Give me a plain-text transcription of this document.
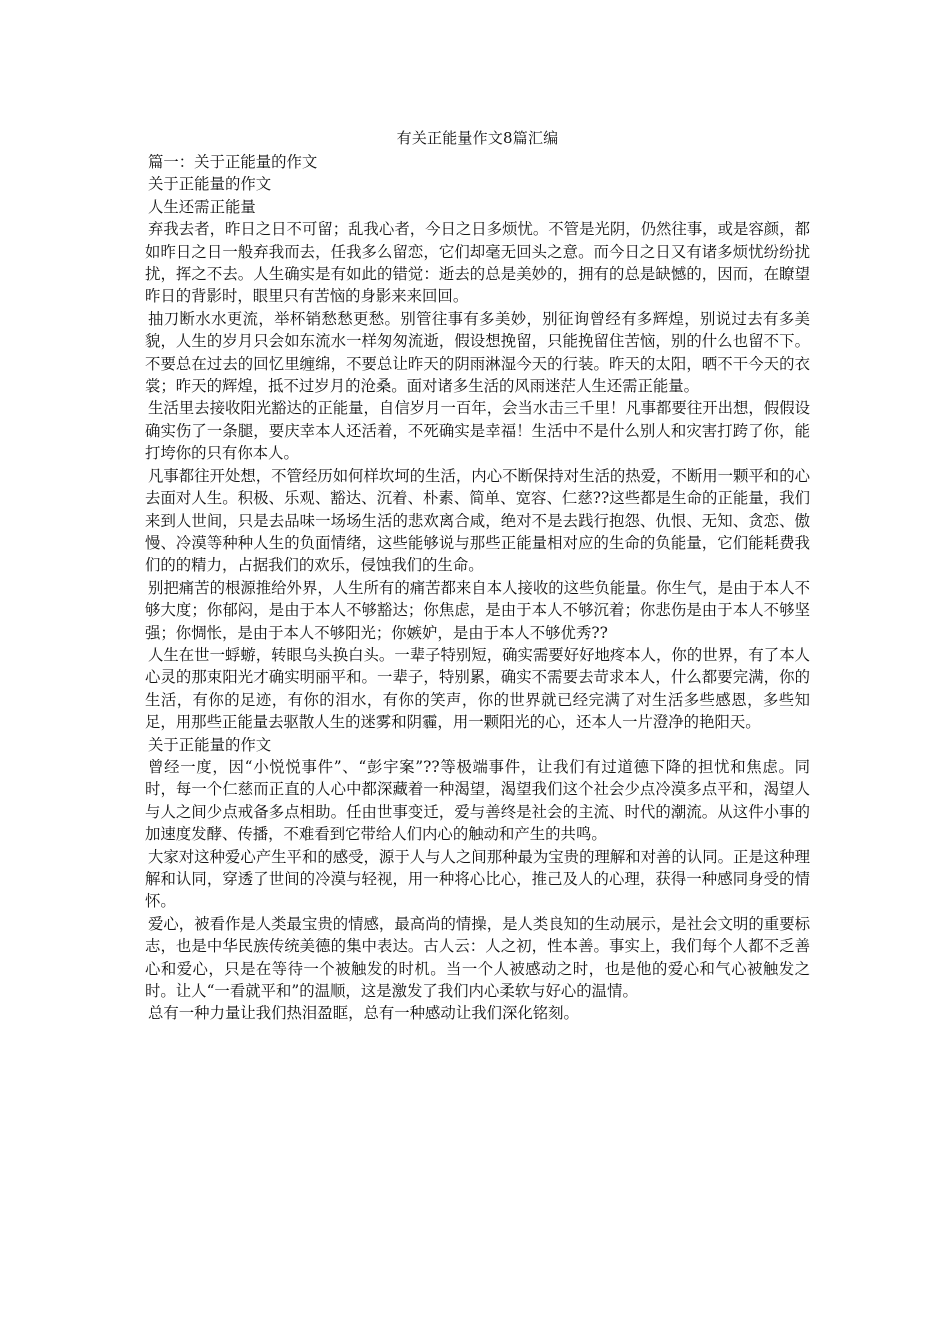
有关正能量作文8篇汇编
篇一：关于正能量的作文
关于正能量的作文
人生还需正能量

弃我去者，昨日之日不可留；乱我心者，今日之日多烦忧。不管是光阴，仍然往事，或是容颜，都如昨日之日一般弃我而去，任我多么留恋，它们却毫无回头之意。而今日之日又有诸多烦忧纷纷扰扰，挥之不去。人生确实是有如此的错觉：逝去的总是美妙的，拥有的总是缺憾的，因而，在瞭望昨日的背影时，眼里只有苦恼的身影来来回回。

抽刀断水水更流，举杯销愁愁更愁。别管往事有多美妙，别征询曾经有多辉煌，别说过去有多美貌，人生的岁月只会如东流水一样匆匆流逝，假设想挽留，只能挽留住苦恼，别的什么也留不下。不要总在过去的回忆里缠绵，不要总让昨天的阴雨淋湿今天的行装。昨天的太阳，晒不干今天的衣裳；昨天的辉煌，抵不过岁月的沧桑。面对诸多生活的风雨迷茫人生还需正能量。

生活里去接收阳光豁达的正能量，自信岁月一百年，会当水击三千里！凡事都要往开出想，假假设确实伤了一条腿，要庆幸本人还活着，不死确实是幸福！生活中不是什么别人和灾害打跨了你，能打垮你的只有你本人。

凡事都往开处想，不管经历如何样坎坷的生活，内心不断保持对生活的热爱，不断用一颗平和的心去面对人生。积极、乐观、豁达、沉着、朴素、简单、宽容、仁慈??这些都是生命的正能量，我们来到人世间，只是去品味一场场生活的悲欢离合咸，绝对不是去践行抱怨、仇恨、无知、贪恋、傲慢、冷漠等种种人生的负面情绪，这些能够说与那些正能量相对应的生命的负能量，它们能耗费我们的的精力，占据我们的欢乐，侵蚀我们的生命。

别把痛苦的根源推给外界，人生所有的痛苦都来自本人接收的这些负能量。你生气，是由于本人不够大度；你郁闷，是由于本人不够豁达；你焦虑，是由于本人不够沉着；你悲伤是由于本人不够坚强；你惆怅，是由于本人不够阳光；你嫉妒，是由于本人不够优秀??

人生在世一蜉蝣，转眼乌头换白头。一辈子特别短，确实需要好好地疼本人，你的世界，有了本人心灵的那束阳光才确实明丽平和。一辈子，特别累，确实不需要去苛求本人，什么都要完满，你的生活，有你的足迹，有你的泪水，有你的笑声，你的世界就已经完满了对生活多些感恩，多些知足，用那些正能量去驱散人生的迷雾和阴霾，用一颗阳光的心，还本人一片澄净的艳阳天。

关于正能量的作文

曾经一度，因“小悦悦事件”、“彭宇案”??等极端事件，让我们有过道德下降的担忧和焦虑。同时，每一个仁慈而正直的人心中都深藏着一种渴望，渴望我们这个社会少点冷漠多点平和，渴望人与人之间少点戒备多点相助。任由世事变迁，爱与善终是社会的主流、时代的潮流。从这件小事的加速度发酵、传播，不难看到它带给人们内心的触动和产生的共鸣。

大家对这种爱心产生平和的感受，源于人与人之间那种最为宝贵的理解和对善的认同。正是这种理解和认同，穿透了世间的冷漠与轻视，用一种将心比心，推己及人的心理，获得一种感同身受的情怀。

爱心，被看作是人类最宝贵的情感，最高尚的情操，是人类良知的生动展示，是社会文明的重要标志，也是中华民族传统美德的集中表达。古人云：人之初，性本善。事实上，我们每个人都不乏善心和爱心，只是在等待一个被触发的时机。当一个人被感动之时，也是他的爱心和气心被触发之时。让人“一看就平和”的温顺，这是激发了我们内心柔软与好心的温情。

总有一种力量让我们热泪盈眶，总有一种感动让我们深化铭刻。
